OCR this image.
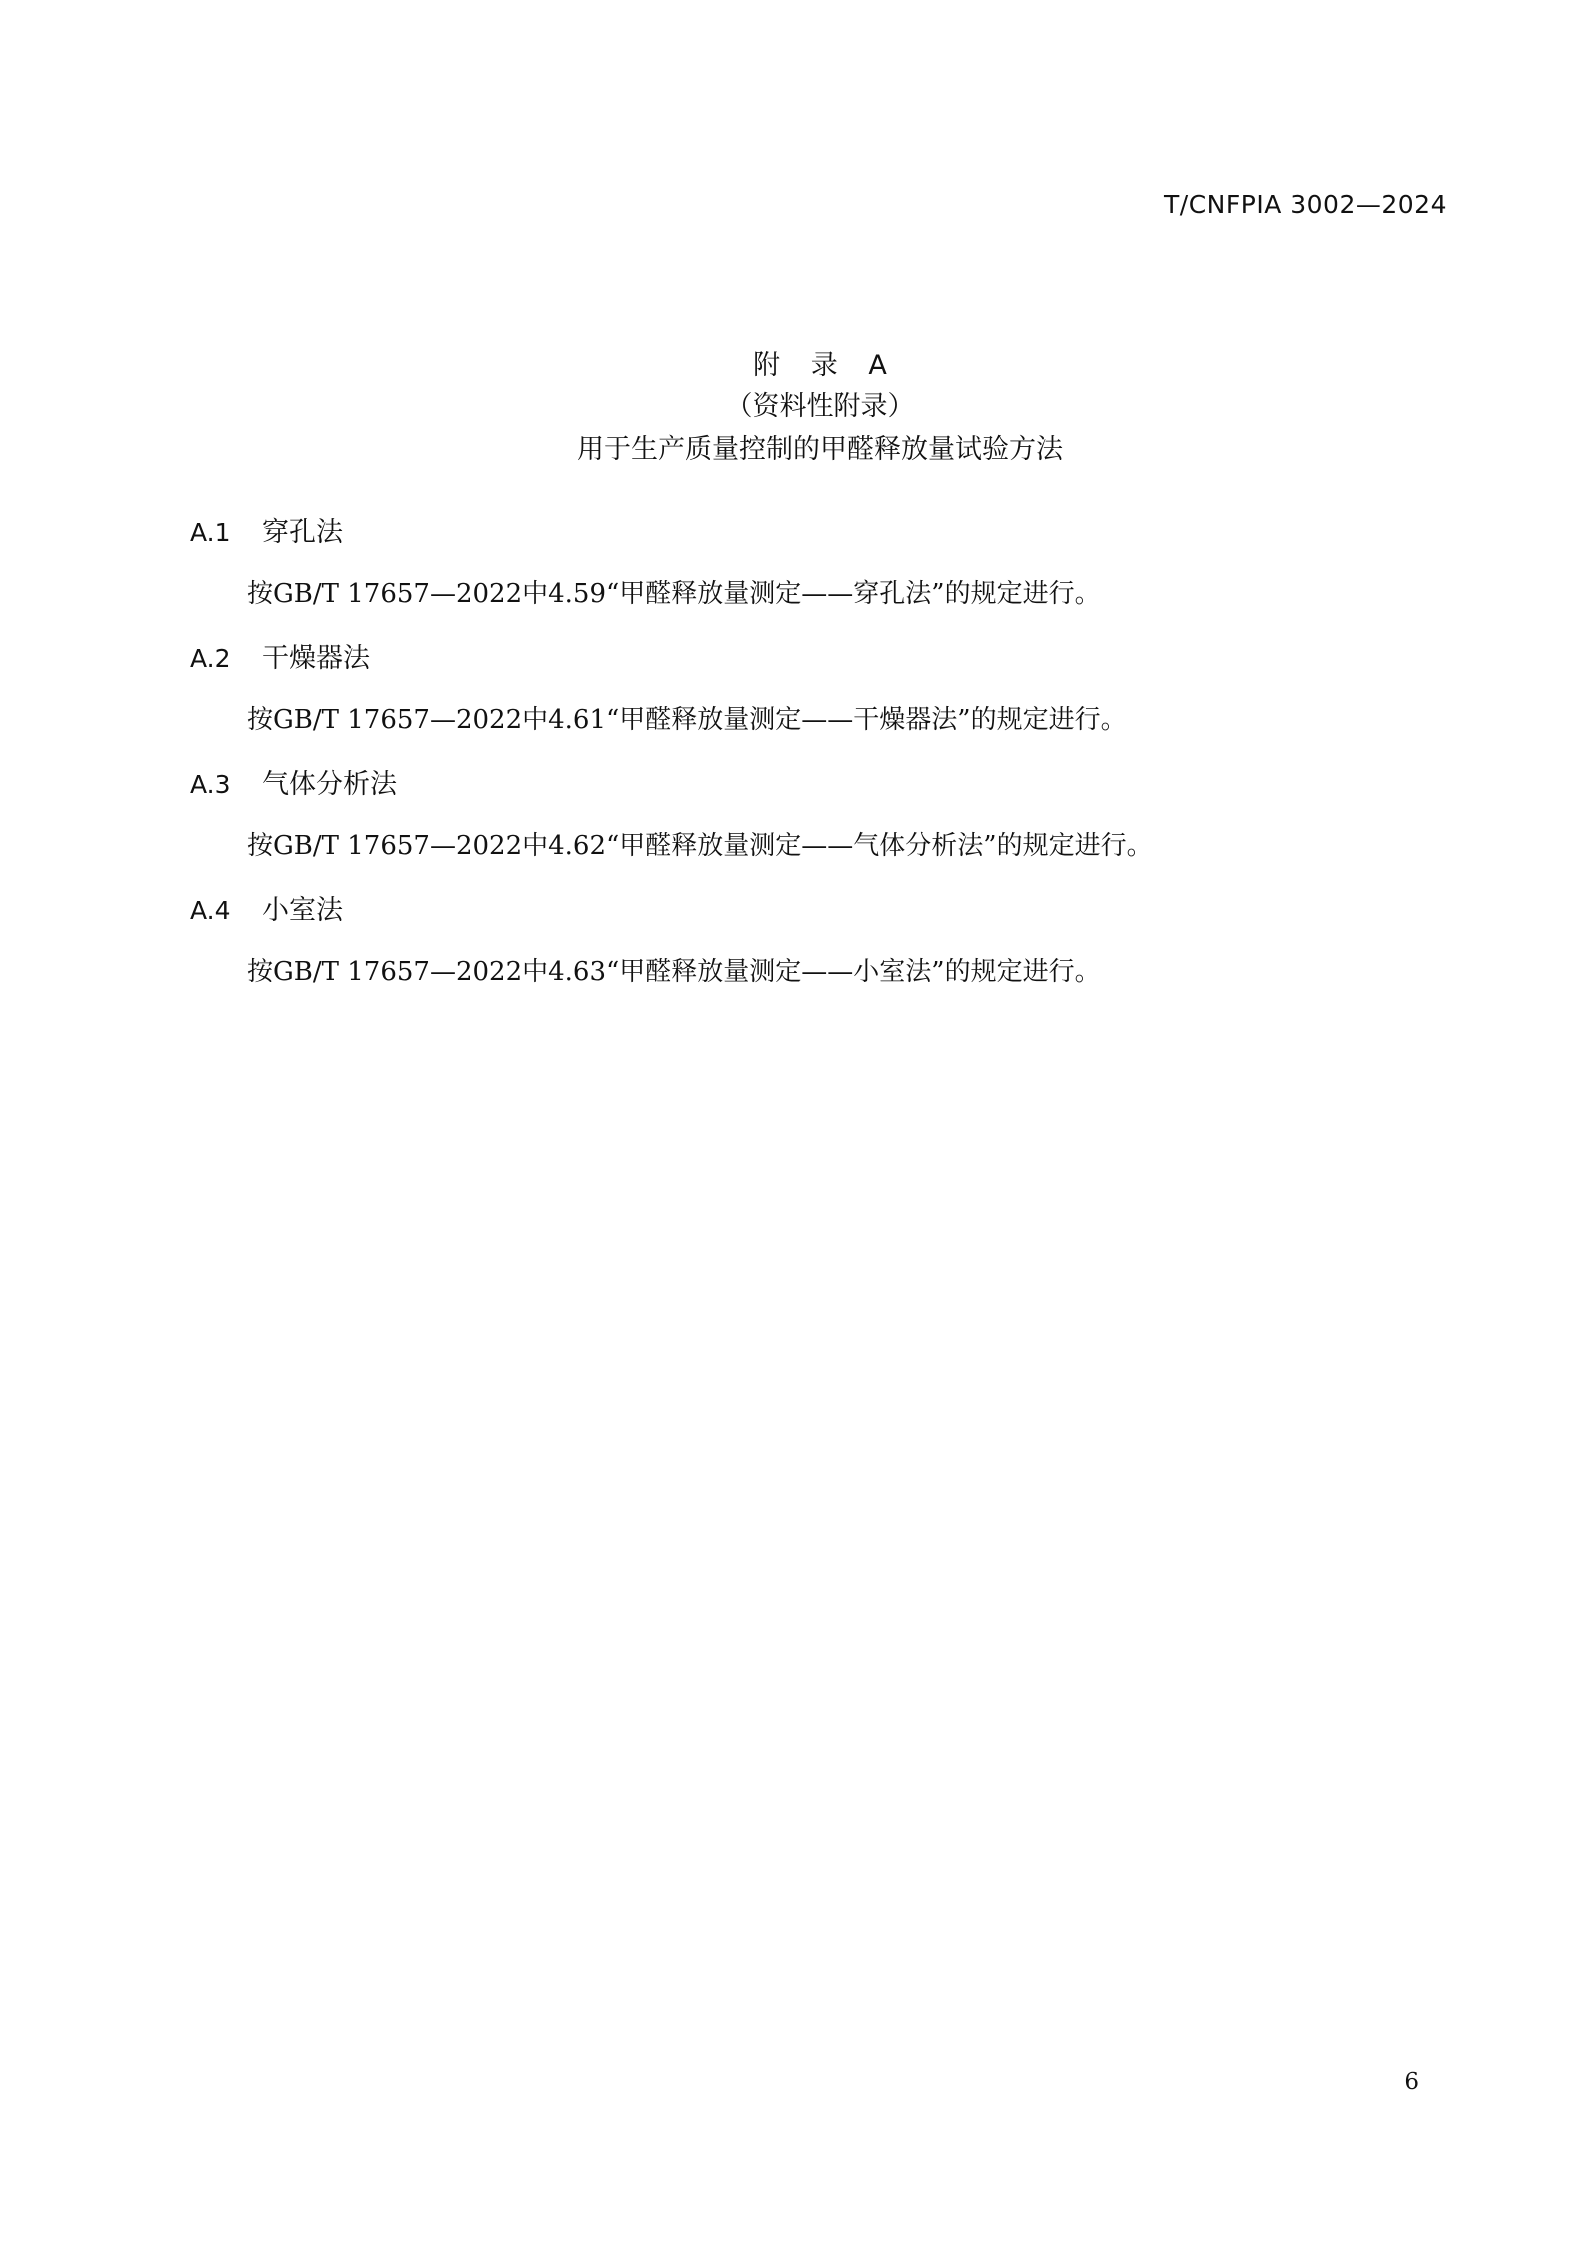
T/CNFPIA 3002—2024
附 录 A
（资料性附录）
用于生产质量控制的甲醛释放量试验方法
A.1 穿孔法
按GB/T 17657—2022中4.59“甲醛释放量测定——穿孔法”的规定进行。
A.2 干燥器法
按GB/T 17657—2022中4.61“甲醛释放量测定——干燥器法”的规定进行。
A.3 气体分析法
按GB/T 17657—2022中4.62“甲醛释放量测定——气体分析法”的规定进行。
A.4 小室法
按GB/T 17657—2022中4.63“甲醛释放量测定——小室法”的规定进行。
6
